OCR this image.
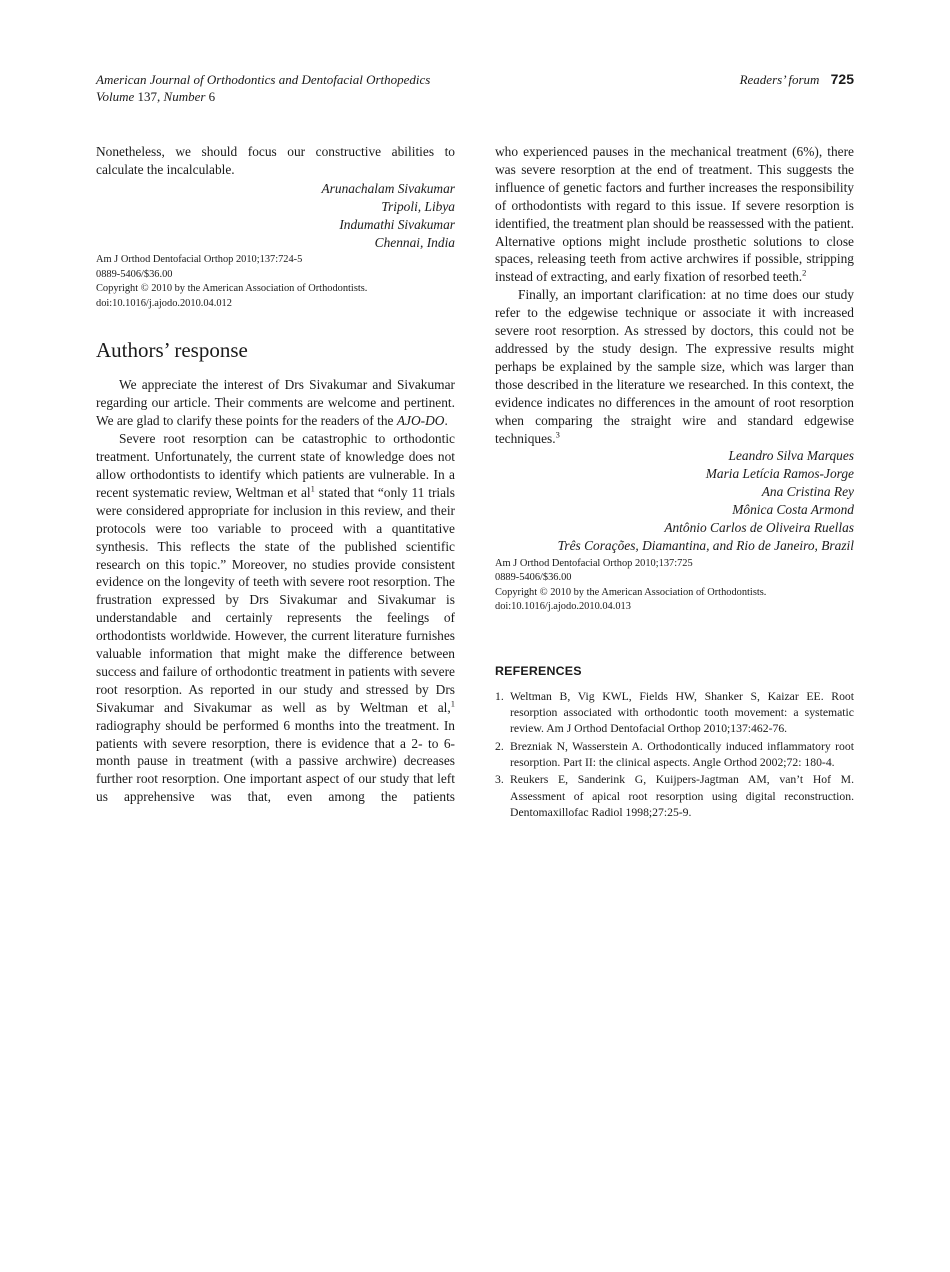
American Journal of Orthodontics and Dentofacial Orthopedics
Volume 137, Number 6
Readers’ forum 725

Nonetheless, we should focus our constructive abilities to calculate the incalculable.

Arunachalam Sivakumar
Tripoli, Libya
Indumathi Sivakumar
Chennai, India
Am J Orthod Dentofacial Orthop 2010;137:724-5
0889-5406/$36.00
Copyright © 2010 by the American Association of Orthodontists.
doi:10.1016/j.ajodo.2010.04.012
Authors’ response

We appreciate the interest of Drs Sivakumar and Sivakumar regarding our article. Their comments are welcome and pertinent. We are glad to clarify these points for the readers of the AJO-DO.

Severe root resorption can be catastrophic to orthodontic treatment. Unfortunately, the current state of knowledge does not allow orthodontists to identify which patients are vulnerable. In a recent systematic review, Weltman et $al^1$ stated that “only 11 trials were considered appropriate for inclusion in this review, and their protocols were too variable to proceed with a quantitative synthesis. This reflects the state of the published scientific research on this topic.” Moreover, no studies provide consistent evidence on the longevity of teeth with severe root resorption. The frustration expressed by Drs Sivakumar and Sivakumar is understandable and certainly represents the feelings of orthodontists worldwide. However, the current literature furnishes valuable information that might make the difference between success and failure of orthodontic treatment in patients with severe root resorption. As reported in our study and stressed by Drs Sivakumar and Sivakumar as well as by Weltman et al,$^1$ radiography should be performed 6 months into the treatment. In patients with severe resorption, there is evidence that a 2- to 6-month pause in treatment (with a passive archwire) decreases further root resorption. One important aspect of our study that left us apprehensive was that, even among the patients

who experienced pauses in the mechanical treatment (6%), there was severe resorption at the end of treatment. This suggests the influence of genetic factors and further increases the responsibility of orthodontists with regard to this issue. If severe resorption is identified, the treatment plan should be reassessed with the patient. Alternative options might include prosthetic solutions to close spaces, releasing teeth from active archwires if possible, stripping instead of extracting, and early fixation of resorbed teeth.$^2$

Finally, an important clarification: at no time does our study refer to the edgewise technique or associate it with increased severe root resorption. As stressed by doctors, this could not be addressed by the study design. The expressive results might perhaps be explained by the sample size, which was larger than those described in the literature we researched. In this context, the evidence indicates no differences in the amount of root resorption when comparing the straight wire and standard edgewise techniques.$^3$

Leandro Silva Marques
Maria Letícia Ramos-Jorge
Ana Cristina Rey
Mônica Costa Armond
Antônio Carlos de Oliveira Ruellas
Três Corações, Diamantina, and Rio de Janeiro, Brazil
Am J Orthod Dentofacial Orthop 2010;137:725
0889-5406/$36.00
Copyright © 2010 by the American Association of Orthodontists.
doi:10.1016/j.ajodo.2010.04.013
REFERENCES
1. Weltman B, Vig KWL, Fields HW, Shanker S, Kaizar EE. Root resorption associated with orthodontic tooth movement: a systematic review. Am J Orthod Dentofacial Orthop 2010;137:462-76.
2. Brezniak N, Wasserstein A. Orthodontically induced inflammatory root resorption. Part II: the clinical aspects. Angle Orthod 2002;72: 180-4.
3. Reukers E, Sanderink G, Kuijpers-Jagtman AM, van’t Hof M. Assessment of apical root resorption using digital reconstruction. Dentomaxillofac Radiol 1998;27:25-9.
